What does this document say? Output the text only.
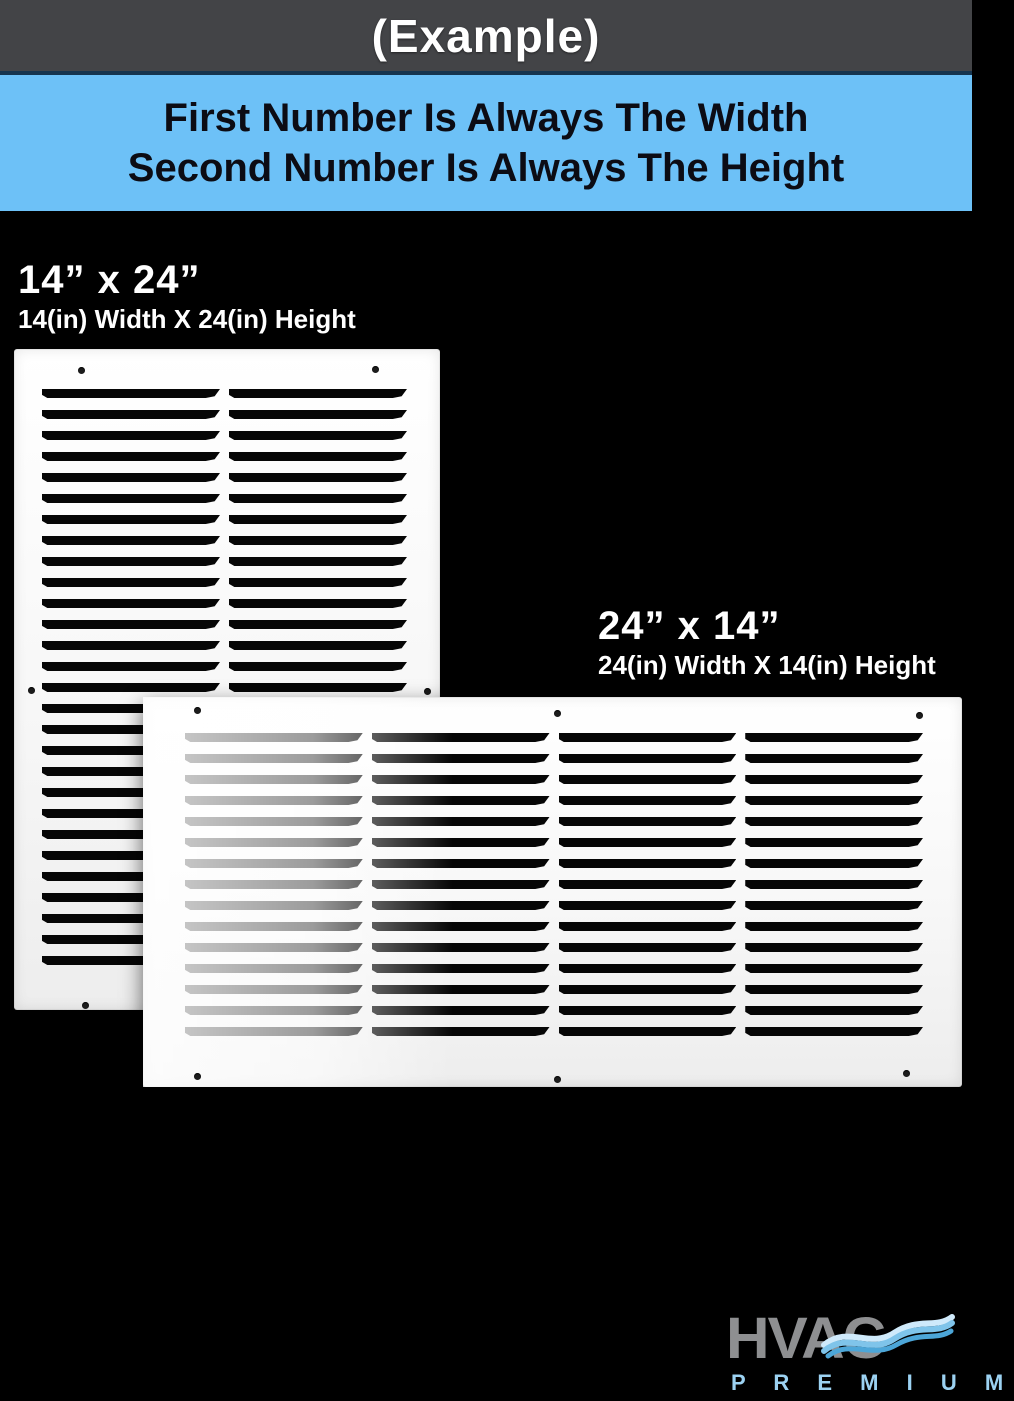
(Example)
First Number Is Always The Width
Second Number Is Always The Height
14” x 24”
14(in) Width X 24(in) Height
24” x 14”
24(in) Width X 14(in) Height
HVAC
P R E M I U M
